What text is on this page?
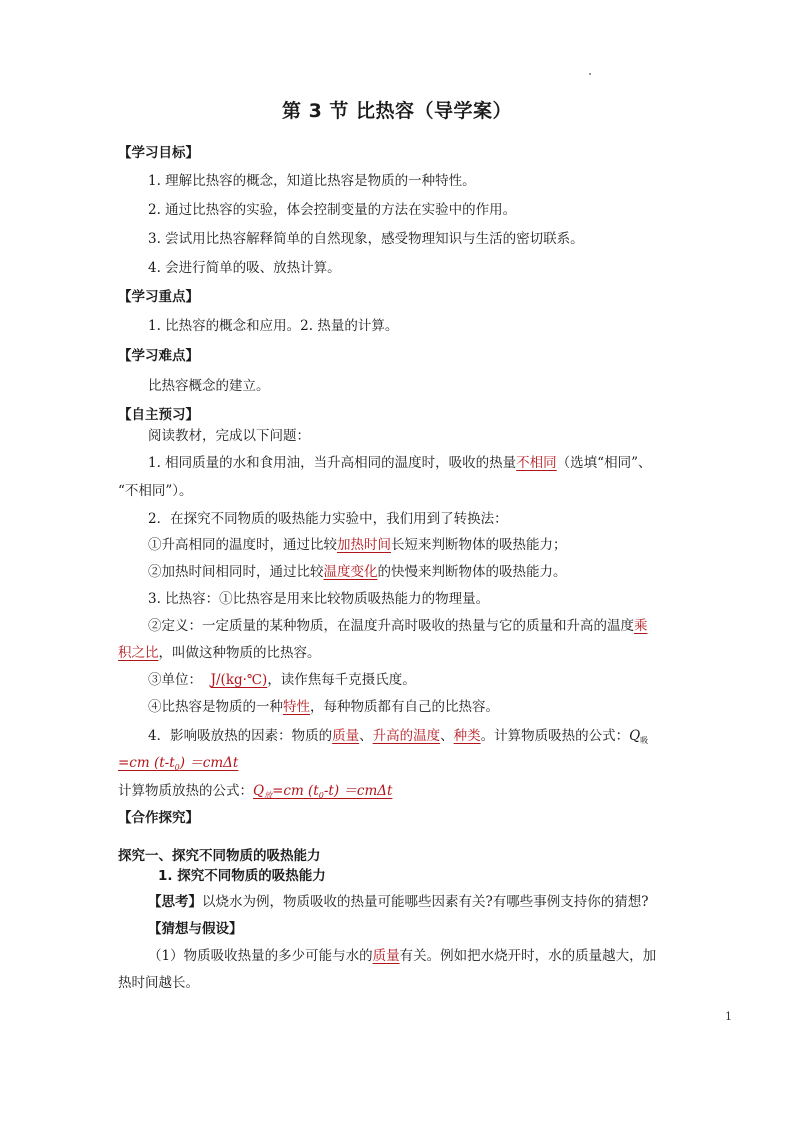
第 3 节 比热容（导学案）
【学习目标】
1. 理解比热容的概念，知道比热容是物质的一种特性。
2. 通过比热容的实验，体会控制变量的方法在实验中的作用。
3. 尝试用比热容解释简单的自然现象，感受物理知识与生活的密切联系。
4. 会进行简单的吸、放热计算。
【学习重点】
1. 比热容的概念和应用。2. 热量的计算。
【学习难点】
比热容概念的建立。
【自主预习】
阅读教材，完成以下问题：
1. 相同质量的水和食用油，当升高相同的温度时，吸收的热量不相同（选填“相同”、
“不相同”）。
2．在探究不同物质的吸热能力实验中，我们用到了转换法：
①升高相同的温度时，通过比较加热时间长短来判断物体的吸热能力；
②加热时间相同时，通过比较温度变化的快慢来判断物体的吸热能力。
3. 比热容：①比热容是用来比较物质吸热能力的物理量。
②定义：一定质量的某种物质，在温度升高时吸收的热量与它的质量和升高的温度乘
积之比，叫做这种物质的比热容。
③单位： J/(kg·℃)，读作焦每千克摄氏度。
④比热容是物质的一种特性，每种物质都有自己的比热容。
4．影响吸放热的因素：物质的质量、升高的温度、种类。计算物质吸热的公式：$Q_吸$
=cm $(t-t_0) =cm\Delta t$
计算物质放热的公式：$Q_放=cm$ $(t_0-t) =cm\Delta t$
【合作探究】
探究一、探究不同物质的吸热能力
1. 探究不同物质的吸热能力
【思考】以烧水为例，物质吸收的热量可能哪些因素有关?有哪些事例支持你的猜想?
【猜想与假设】
（1）物质吸收热量的多少可能与水的质量有关。例如把水烧开时，水的质量越大，加
热时间越长。
1
